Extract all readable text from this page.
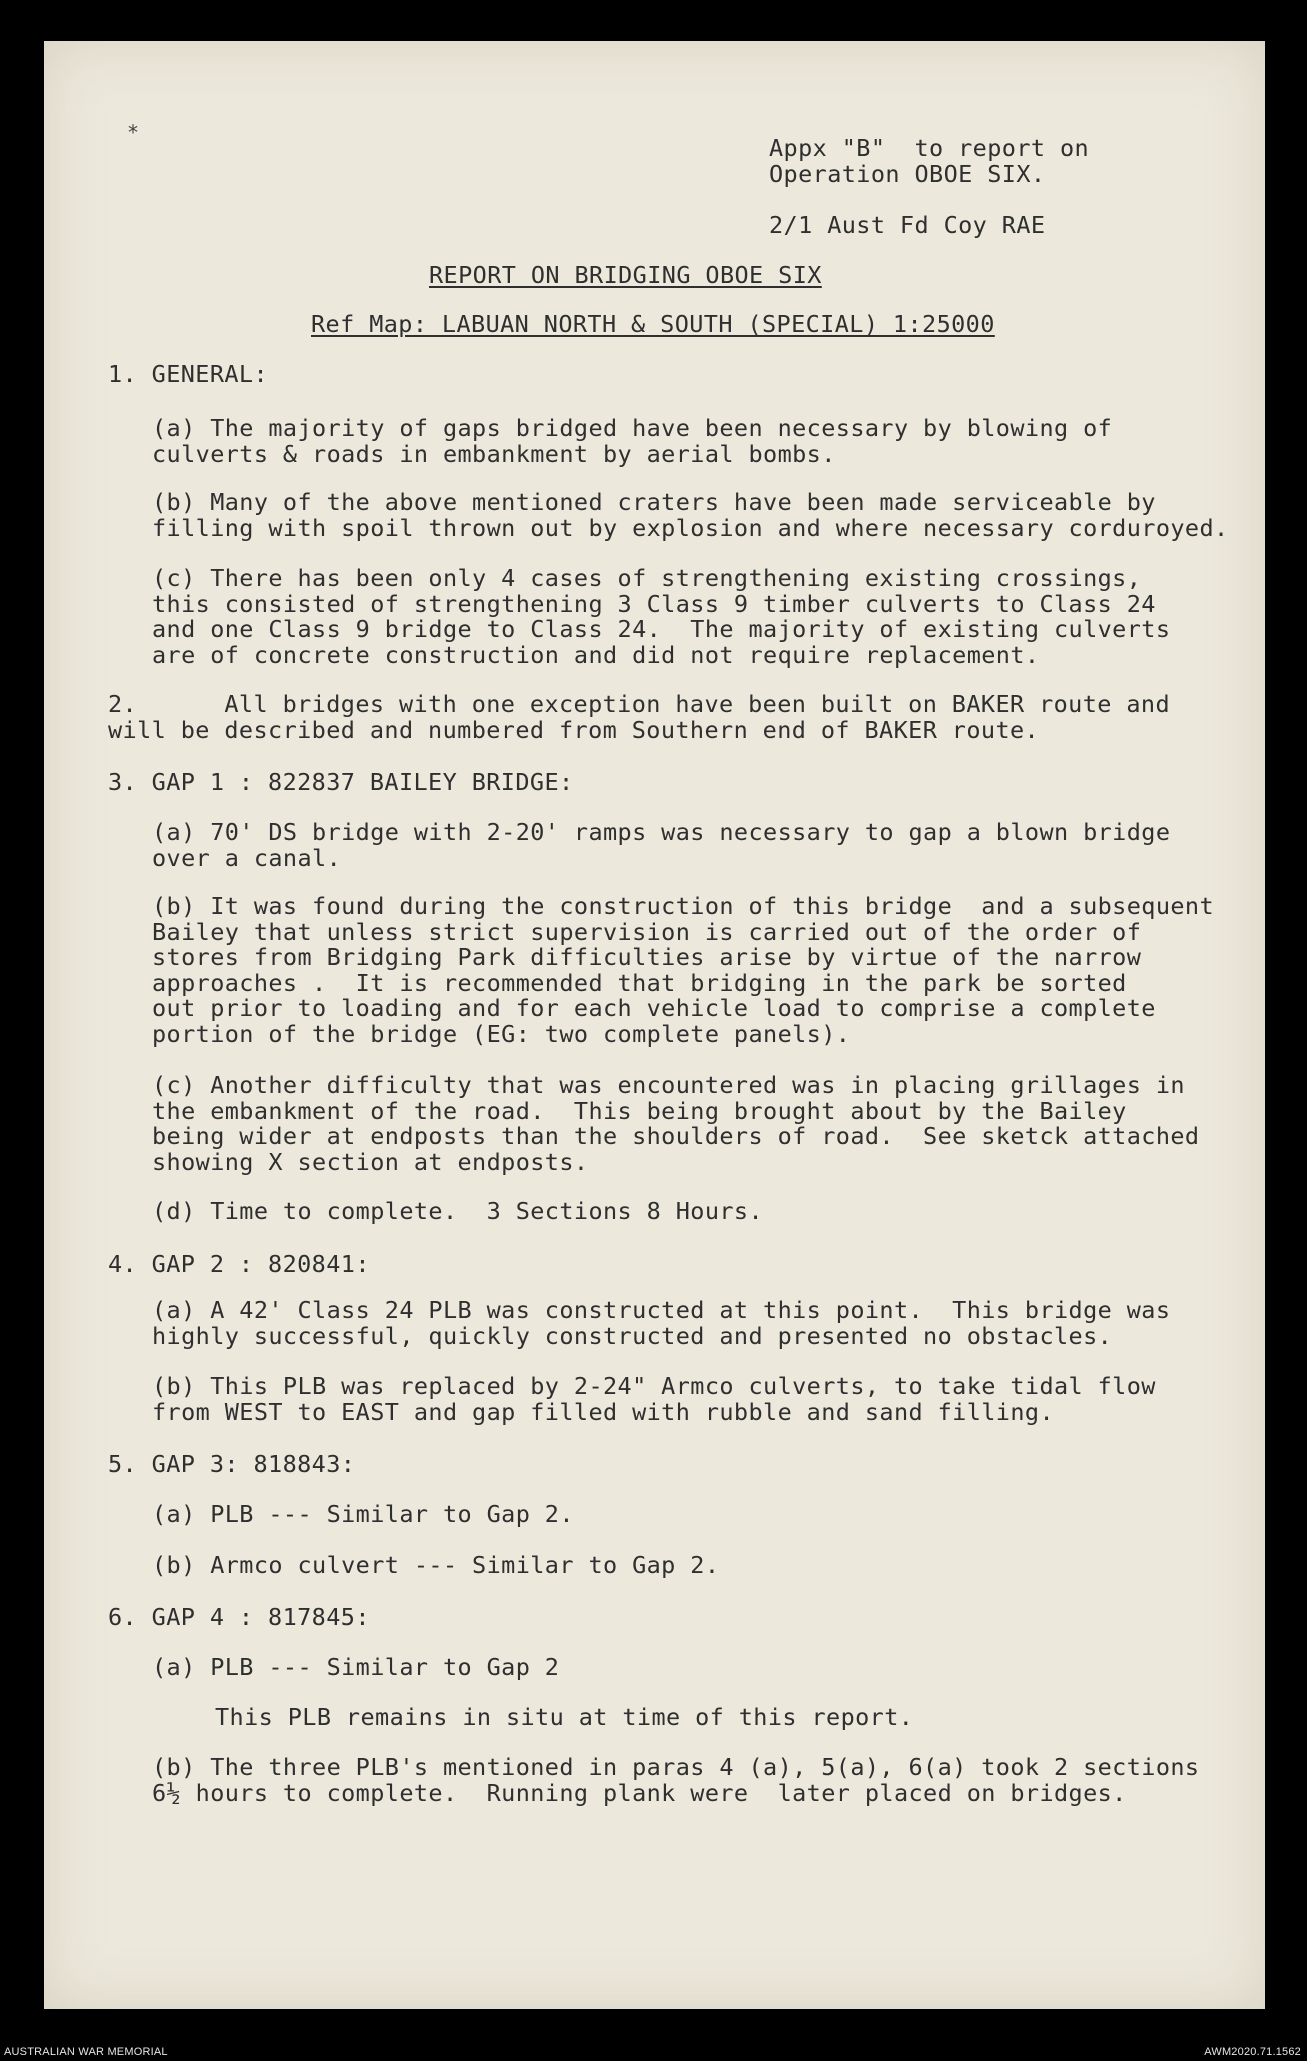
⁎
Appx "B"  to report on
Operation OBOE SIX.
2/1 Aust Fd Coy RAE
REPORT ON BRIDGING OBOE SIX
Ref Map: LABUAN NORTH & SOUTH (SPECIAL) 1:25000
1. GENERAL:
(a) The majority of gaps bridged have been necessary by blowing of
culverts & roads in embankment by aerial bombs.
(b) Many of the above mentioned craters have been made serviceable by
filling with spoil thrown out by explosion and where necessary corduroyed.
(c) There has been only 4 cases of strengthening existing crossings,
this consisted of strengthening 3 Class 9 timber culverts to Class 24
and one Class 9 bridge to Class 24.  The majority of existing culverts
are of concrete construction and did not require replacement.
2.      All bridges with one exception have been built on BAKER route and
will be described and numbered from Southern end of BAKER route.
3. GAP 1 : 822837 BAILEY BRIDGE:
(a) 70' DS bridge with 2-20' ramps was necessary to gap a blown bridge
over a canal.
(b) It was found during the construction of this bridge  and a subsequent
Bailey that unless strict supervision is carried out of the order of
stores from Bridging Park difficulties arise by virtue of the narrow
approaches .  It is recommended that bridging in the park be sorted
out prior to loading and for each vehicle load to comprise a complete
portion of the bridge (EG: two complete panels).
(c) Another difficulty that was encountered was in placing grillages in
the embankment of the road.  This being brought about by the Bailey
being wider at endposts than the shoulders of road.  See sketck attached
showing X section at endposts.
(d) Time to complete.  3 Sections 8 Hours.
4. GAP 2 : 820841:
(a) A 42' Class 24 PLB was constructed at this point.  This bridge was
highly successful, quickly constructed and presented no obstacles.
(b) This PLB was replaced by 2-24" Armco culverts, to take tidal flow
from WEST to EAST and gap filled with rubble and sand filling.
5. GAP 3: 818843:
(a) PLB --- Similar to Gap 2.
(b) Armco culvert --- Similar to Gap 2.
6. GAP 4 : 817845:
(a) PLB --- Similar to Gap 2
This PLB remains in situ at time of this report.
(b) The three PLB's mentioned in paras 4 (a), 5(a), 6(a) took 2 sections
6½ hours to complete.  Running plank were  later placed on bridges.
AUSTRALIAN WAR MEMORIAL	AWM2020.71.1562
